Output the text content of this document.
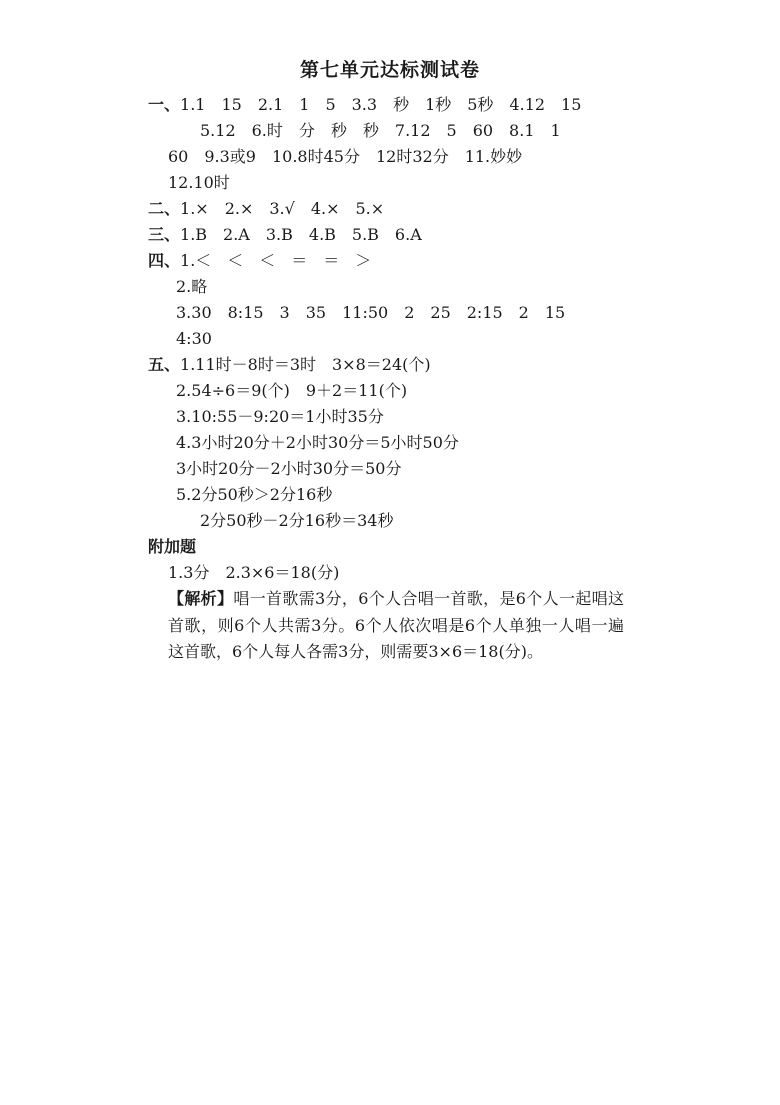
第七单元达标测试卷
一、1.1　15　2.1　1　5　3.3　秒　1秒　5秒　4.12　15
5.12　6.时　分　秒　秒　7.12　5　60　8.1　1
60　9.3或9　10.8时45分　12时32分　11.妙妙
12.10时
二、1.×　2.×　3.√　4.×　5.×
三、1.B　2.A　3.B　4.B　5.B　6.A
四、1.＜　＜　＜　＝　＝　＞
2.略
3.30　8:15　3　35　11:50　2　25　2:15　2　15
4:30
五、1.11时－8时＝3时　3×8＝24(个)
2.54÷6＝9(个)　9＋2＝11(个)
3.10:55－9:20＝1小时35分
4.3小时20分＋2小时30分＝5小时50分
3小时20分－2小时30分＝50分
5.2分50秒＞2分16秒
2分50秒－2分16秒＝34秒
附加题
1.3分　2.3×6＝18(分)
【解析】唱一首歌需3分，6个人合唱一首歌，是6个人一起唱这首歌，则6个人共需3分。6个人依次唱是6个人单独一人唱一遍这首歌，6个人每人各需3分，则需要3×6＝18(分)。
